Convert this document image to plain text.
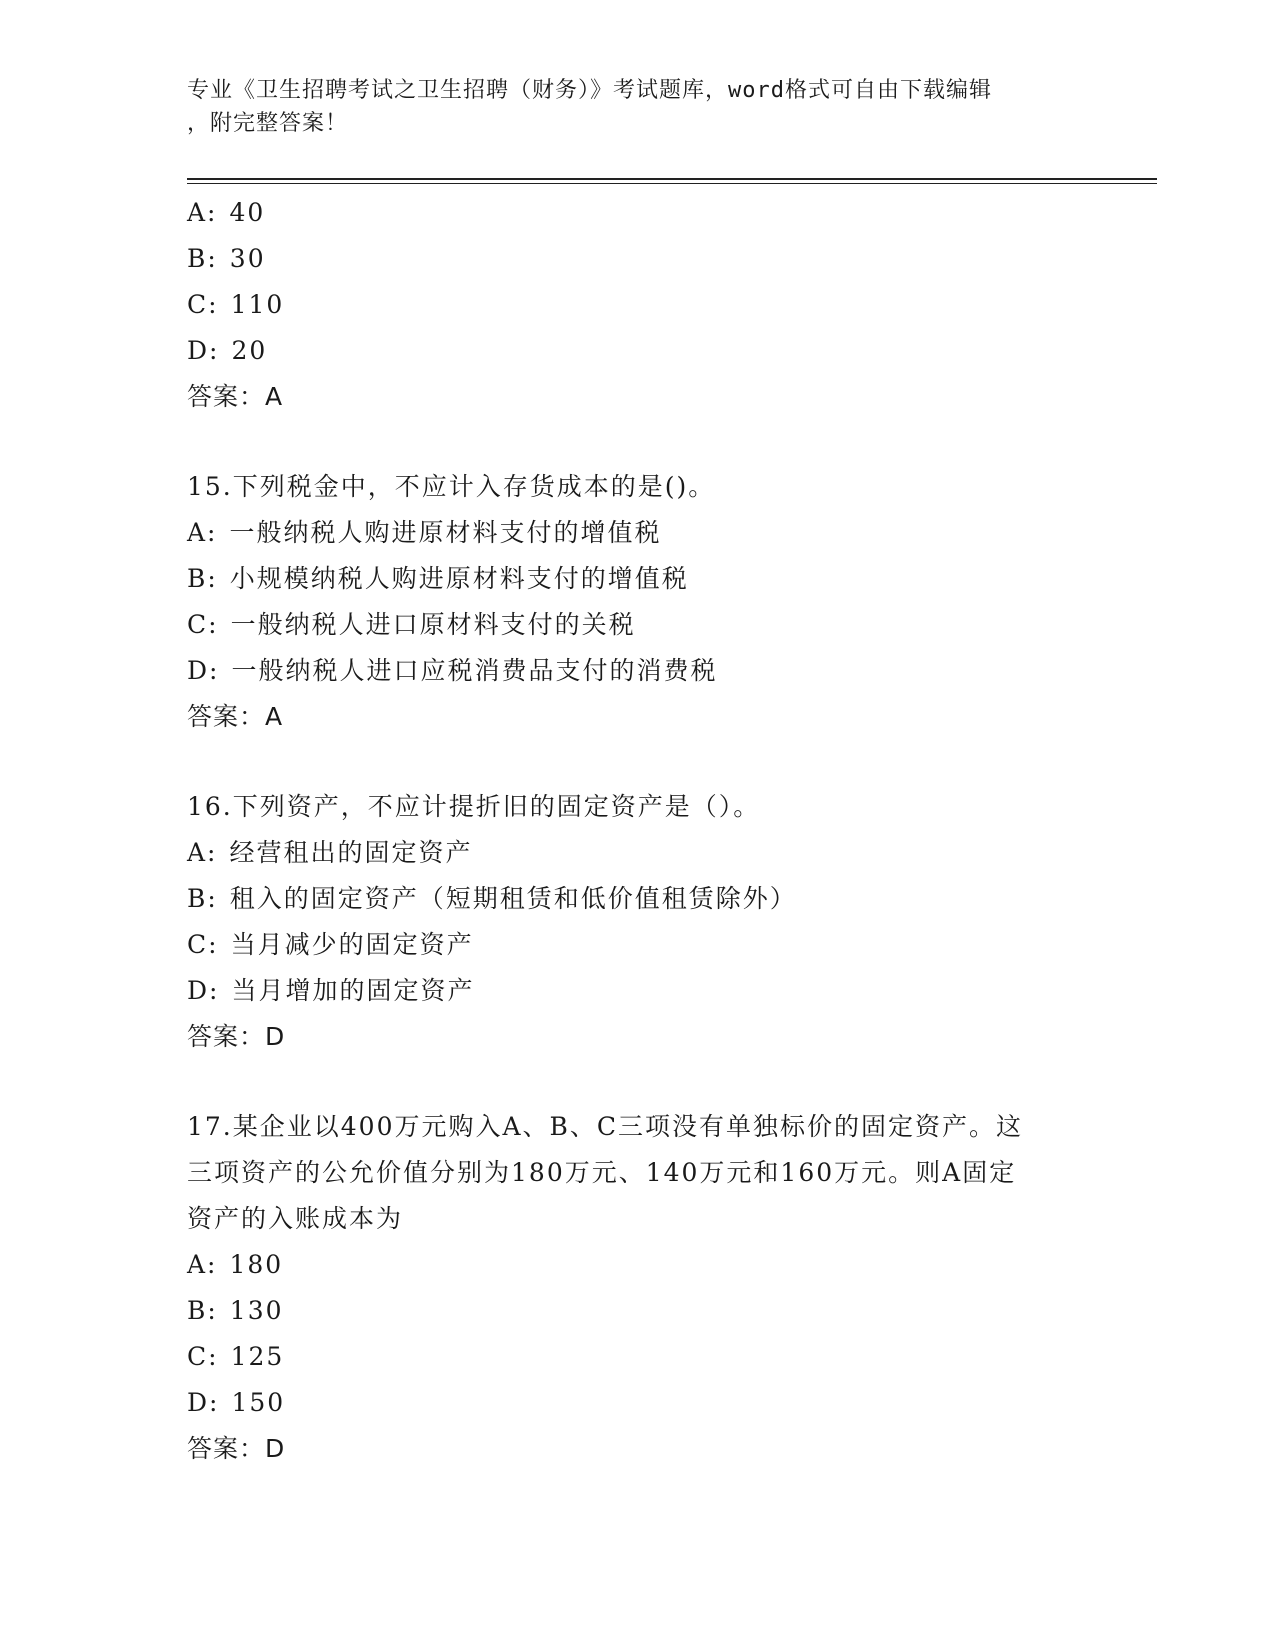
专业《卫生招聘考试之卫生招聘（财务）》考试题库，word格式可自由下载编辑
，附完整答案！
A: 40
B: 30
C: 110
D: 20
答案：A
15.下列税金中，不应计入存货成本的是()。
A: 一般纳税人购进原材料支付的增值税
B: 小规模纳税人购进原材料支付的增值税
C: 一般纳税人进口原材料支付的关税
D: 一般纳税人进口应税消费品支付的消费税
答案：A
16.下列资产，不应计提折旧的固定资产是（）。
A: 经营租出的固定资产
B: 租入的固定资产（短期租赁和低价值租赁除外）
C: 当月减少的固定资产
D: 当月增加的固定资产
答案：D
17.某企业以400万元购入A、B、C三项没有单独标价的固定资产。这
三项资产的公允价值分别为180万元、140万元和160万元。则A固定
资产的入账成本为
A: 180
B: 130
C: 125
D: 150
答案：D
